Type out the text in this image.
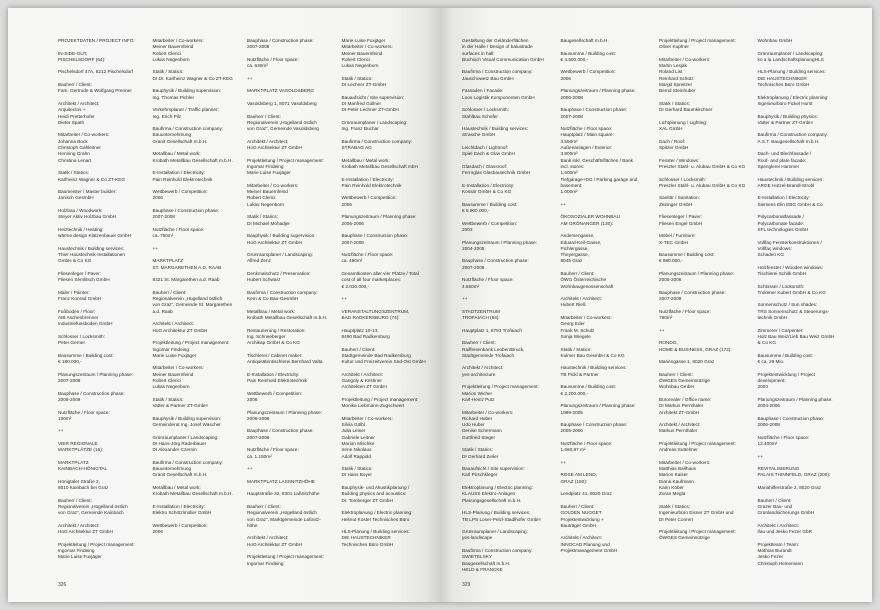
PROJEKTDATEN / PROJECT INFO:
IN-SIDE-OUT,
PISCHELSDORF (64):
Pischelsdorf 47A, 8212 Pischelsdorf
Bauherr / Client:
Fam. Gertrude & Wolfgang Prenner
Architekt / Architect:
Arquitectos +
Heidi Pretterhofer
Dieter Spath
Mitarbeiter / Co-workers:
Johanna Bock
Christoph Gahleitner
Henning Grahn
Christina Lenart
Statik / Statics:
Karlheinz Wagner & Co ZT-KEG
Baumeister / Master builder:
Janisch GesmbH
Holzbau / Woodwork:
Steyer Aktiv Holzbau GmbH
Heiztechnik / Heating:
wärme design Klatzenbauer GmbH
Haustechnik / Building services:
Thier Haustechnik-Installationen
GmbH & Co KG
Fliesenleger / Paver:
Fliesen Semlitsch GmbH
Maler / Painter:
Franz Konrad GmbH
Fußboden / Floor:
AIB Aschenbrenner
Industriefussboden GmbH
Schlosser / Locksmith:
Peter Gerner
Bausumme / Building cost:
€ 180.000,-
Planungszeitraum / Planning phase:
2007-2008
Bauphase / Construction phase:
2008-2009
Nutzfläche / Floor space:
100m²
++
VIER REGIONALE
MARKTPLÄTZE (16):
MARKTPLATZ
KAINBACH-HÖNIGTAL
Hönigtaler Straße 2,
8010 Kainbach bei Graz
Bauherr / Client:
Regionalverein „Hügelland östlich
von Graz“, Gemeinde Kainbach
Architekt / Architect:
HoG Architektur ZT GmbH
Projektleitung / Project management:
Ingomar Findeing
Marie Luise Fuxjäger
Mitarbeiter / Co-workers:
Meiner Bauernfeind
Robert Clerici
Lukas Negenborn
Statik / Statics:
DI Dr. Karlheinz Wagner & Co ZT-KEG
Bauphysik / Building supervision:
Ing. Thomas Pichler
Verkehrsplaner / Traffic planner:
Ing. Erich Pilz
Baufirma / Construction company:
Bauunternehmung
Granit Gesellschaft m.b.H.
Metallbau / Metal work:
Krobath Metallbau Gesellschaft m.b.H.
E-Installation / Electricity:
Pain Reinhold Elektrotechnik
Wettbewerb / Competition:
2006
Bauphase / Construction phase:
2007-2008
Nutzfläche / Floor space:
ca. 760m²
++
MARKTPLATZ
ST. MARGARETHEN A.D. RAAB
8321 St. Margarethen a.d. Raab
Bauherr / Client:
Regionalverein „Hügelland östlich
von Graz“, Gemeinde St. Margarethen
a.d. Raab
Architekt / Architect:
HoG Architektur ZT GmbH
Projektleitung / Project management:
Ingomar Findeing
Marie Luise Fuxjäger
Mitarbeiter / Co-workers:
Meiner Bauernfeind
Robert Clerici
Lukas Negenborn
Statik / Statics:
Vatter & Partner ZT-GmbH
Bauphysik / Building supervision:
Gemeinderat Ing. Josef Wascher
Grünraumplaner / Landscaping:
DI Hans-Jörg Raderbauer
DI Alexander Czernin
Baufirma / Construction company:
Bauunternehmung
Granit Gesellschaft m.b.H.
Metallbau / Metal work:
Krobath Metallbau Gesellschaft m.b.H.
E-Installation / Electricity:
Elektro Schötzlmüller GmbH
Wettbewerb / Competition:
2006
Bauphase / Construction phase:
2007-2008
Nutzfläche / Floor space:
ca. 630m²
++
MARKTPLATZ VASOLDSBERG
Vasoldsberg 1, 8071 Vasoldsberg
Bauherr / Client:
Regionalverein „Hügelland östlich
von Graz“, Gemeinde Vasoldsberg
Architekt / Architect:
HoG Architektur ZT GmbH
Projektleitung / Project management:
Ingomar Findeing
Marie Luise Fuxjäger
Mitarbeiter / Co-workers:
Meiner Bauernfeind
Robert Clerici
Lukas Negenborn
Statik / Statics:
DI Michael Mohadjer
Bauphysik / Building supervision:
HoG Architektur ZT GmbH
Grünraumplaner / Landscaping:
Alfred Zenz
Denkmalschutz / Preservation:
Hubert Schwarz
Baufirma / Construction company:
Kern & Co Bau-GesmbH
Metallbau / Metal work:
Krobath Metallbau Gesellschaft m.b.H.
Restaurierung / Restoration:
Ing. Schneeberger
Archikap GmbH & Co KG
Tischlerei / Cabinet maker:
Antiquitätentischlerei Bernhard Valta
E-Installation / Electricity:
Pain Reinhold Elektrotechnik
Wettbewerb / Competition:
2006
Planungszeitraum / Planning phase:
2006-2006
Bauphase / Construction phase:
2007-2008
Nutzfläche / Floor space:
ca. 1.150m²
++
MARKTPLATZ LASSNITZHÖHE
Hauptstraße 32, 8301 Laßnitzhöhe
Bauherr / Client:
Regionalverein „Hügelland östlich
von Graz“, Marktgemeinde Laßnitz-
höhe
Architekt / Architect:
HoG Architektur ZT GmbH
Projektleitung / Project management:
Ingomar Findeing
Marie Luise Fuxjäger
Mitarbeiter / Co-workers:
Meiner Bauernfeind
Robert Clerici
Lukas Negenborn
Statik / Statics:
DI Lechner ZT-GmbH
Bauaufsicht / Site supervision:
DI Manfred Gollner
DI Peter Lechner ZT-GmbH
Grünraumplaner / Landscaping:
Ing. Franz Buchar
Baufirma / Construction company:
STRABAG AG
Metallbau / Metal work:
Krobath Metallbau Gesellschaft mbH
E-Installation / Electricity:
Pain Reinhold Elektrotechnik
Wettbewerb / Competition:
2006
Planungszeitraum / Planning phase:
2006-2006
Bauphase / Construction phase:
2007-2008
Nutzfläche / Floor space:
ca. 490m²
Gesamtkosten aller vier Plätze / Total
cost of all four marketplaces:
€ 2.030.000,-
++
VERANSTALTUNGSZENTRUM,
BAD RADKERSBURG (74):
Hauptplatz 10-13,
8490 Bad Radkersburg
Bauherr / Client:
Stadtgemeinde Bad Radkersburg
Kultur und Freizeitverein Süd-Ost GmbH
Architekt / Architect:
Gangoly & Kristiner
Architekten ZT GmbH
Projektleitung / Project management:
Monika Liebmann-Zugschwert
Mitarbeiter / Co-workers:
Silvia Gölbl
Julia Leiner
Gabriele Leitner
Marion Mischke
Irene Nikolaus
Adolf Rappold
Statik / Statics:
DI Hans Boyer
Bauphysik- und Akustikplanung /
Building physics and acoustics:
Dr. Tomberger ZT GmbH
Elektroplanung / Electric planning:
Helmut Koster Technisches Büro
HLS-Planung / Building services:
DIE HAUSTECHNIKER
Technisches Büro GmbH
326
Gestaltung der Geländerflächen
in der Halle / Design of balustrade
surfaces in hall:
Büchsich Visual Communication GmbH
Baufirma / Construction company:
Jauschowetz Bau GmbH
Fassaden / Facade:
Loos Logistik Komponenten GmbH
Schlosser / Locksmith:
Stahlbau Schöfer
Haustechnik / Building services:
Strasche GmbH
Leichtdach / Lightroof:
Spiel Dach & Glas GmbH
Glasdach / Glassroof:
Ferroglas Glasbautechnik GmbH
E-Installation / Electricity:
Kossär GmbH & Co KG
Bausumme / Building cost:
€ 5.900.000,-
Wettbewerb / Competition:
2003
Planungszeitraum / Planning phase:
2004-2005
Bauphase / Construction phase:
2007-2008
Nutzfläche / Floor space:
4.550m²
++
STADTZENTRUM
TROFAIACH (94):
Hauptplatz 1, 8793 Trofaiach
Bauherr / Client:
Raiffeisenbank Leoben/Bruck,
Stadtgemeinde Trofaiach
Architekt / Architect:
yes-architecture
Projektleitung / Project management:
Marion Wicher
Karl-Heinz Putz
Mitarbeiter / Co-workers:
Richard Huber
Udo Huber
Denise Schermann
Gottfried Steger
Statik / Statics:
DI Gerhard Zeiler
Bauaufsicht / Site supervision:
Karl Pirschkleger
Elektroplanung / Electric planning:
KLAUSS Elektro-Anlagen
Planungsgesellschaft m.b.H.
HLS-Planung / Building services:
TB LPS Loser-Pelzl-Stadlhofer GmbH
Grünraumplaner / Landscaping:
yes-landscape
Baufirma / Construction company:
SWIETELSKY
Baugesellschaft m.b.H.
HELD & FRANCKE
Baugesellschaft m.b.H.
Bausumme / Building cost:
€ 4.500.000,-
Wettbewerb / Competition:
2006
Planungszeitraum / Planning phase:
2006-2008
Bauphase / Construction phase:
2007-2008
Nutzfläche / Floor space:
Hauptplatz / Main square:
3.550m²
Außenanlagen / Exterior:
3.800m²
Bank inkl. Geschäftsflächen / Bank
incl. stores:
1.600m²
Tiefgarage+DG / Parking garage and
basement:
1.000m²
++
ÖKOSOZIALER WOHNBAU
AM GRÖNANGER (130):
Andersengasse,
Eduard-Keil-Gasse,
Pichlergasse,
Theyergasse,
8045 Graz
Bauherr / Client:
ÖWG Österreichische
Wohnbaugenossenschaft
Architekt / Architect:
Hubert Rieß
Mitarbeiter / Co-workers:
Georg Eder
Frank M. Schulz
Sonja Wiegele
Statik / Statics:
Kulmer Bau GesmbH & Co KG
Haustechnik / Building services:
TB Pickl & Partner
Bausumme / Building cost:
€ 2.200.000,-
Planungszeitraum / Planning phase:
1999-2005
Bauphase / Construction phase:
2005-2006
Nutzfläche / Floor space:
1.660,87 m²
++
ROSE AM LEND,
GRAZ (150):
Lendplatz 41, 8020 Graz
Bauherr / Client:
GOLDEN NUGGET
Projektentwicklung +
Bauträger GmbH
Architekt / Architect:
INNOCAD Planung und
Projektmanagement GmbH
Projektleitung / Project management:
Oliver Kupfner
Mitarbeiter / Co-workers:
Martin Lesjak
Roland List
Reinhard Schütz
Margit Spreitzer
Bernd Steinhuber
Statik / Statics:
DI Gerhard Baumkirchner
Lichtplanung / Lighting:
XAL GmbH
Dach / Roof:
Spitzer GmbH
Fenster / Windows:
Preszler Stahl- u. Alubau GmbH & Co KG
Schlosser / Locksmith:
Preszler Stahl- u. Alubau GmbH & Co KG
Sanitär / Sanitation:
Zeiringer GmbH
Fliesenleger / Paver:
Fliesen Engel GmbH
Möbel / Furniture:
X-TEC GmbH
Bausumme / Building cost:
€ 980.000,-
Planungszeitraum / Planning phase:
2005-2006
Bauphase / Construction phase:
2007-2008
Nutzfläche / Floor space:
790m²
++
RONDO,
HOME & BUSINESS, GRAZ (172):
Mariengasse 1, 8020 Graz
Bauherr / Client:
ÖWGES Gemeinnützige
Wohnbau GmbH
Bürorealer / Office name:
DI Markus Pernthaler
Architekt ZT-GmbH
Architekt / Architect:
Markus Pernthaler
Projektleitung / Project management:
Andreas Suttelmer
Mitarbeiter / Co-workers:
Matthias Ballhaus
Marion Kaiser
Diana Kaufmann
Karin Köber
Zoran Megla
Statik / Statics:
Ingenieurbüro Eisner ZT GmbH und
DI Peter Conrert
Projektleitung / Project management:
ÖWGES Gemeinnützige
Wohnbau GmbH
Grünraumplaner / Landscaping:
ko a la LandschaftsplanungHLS
HLS-Planung / Building services:
DIE HAUSTECHNIKER
Technisches Büro GmbH
Elektroplanung / Electric planning:
Ingenieurbüro Fickel Horst
Bauphysik / Building physics:
Vatter & Partner ZT-GmbH
Baufirma / Construction company:
A.S.T. Baugesellschaft m.b.H.
Dach- und Blechfassade /
Roof- and plate facade:
Spenglerei Hammer
Haustechnik / Building services:
ARGE Hotzel-Brandl-Strobl
E-Installation / Electricity:
Siemens Elin EBG GmbH & Co
Polycarbonatfassade /
Polycarbonate facade:
SFL technologies GmbH
Vollfaç-Fensterkonstruktionen /
Vollfaç windows:
Schaden KG
Holzfenster / Wooden windows:
Tischlerei Schilk GmbH
Schlosser / Locksmith:
Trukener Kubert GmbH & Co KG
Sonnenschutz / Sun shades:
TRS Sonnenschutz & Steuerungs-
technik GmbH
Zimmerer / Carpenter:
Holz Bau Weiz/Lieb Bau Weiz GmbH
& Co KG
Bausumme / Building cost:
€ ca. 29 Mio.
Projektentwicklung / Project
development:
2003
Planungszeitraum / Planning phase:
2004-2006
Bauphase / Construction phase:
2006-2008
Nutzfläche / Floor space:
12.400m²
++
REVITALISIERUNG
PALAIS THINNFELD, GRAZ (200):
Mariahilferstraße 2, 8020 Graz
Bauherr / Client:
Grazer Bau- und
Grünlandsicherungs GmbH
Architekt / Architect:
ifau und Jesko Fezer GbR
Projektteam / Team:
Mathias Burandt
Jesko Fezer
Christoph Heinemann
329
